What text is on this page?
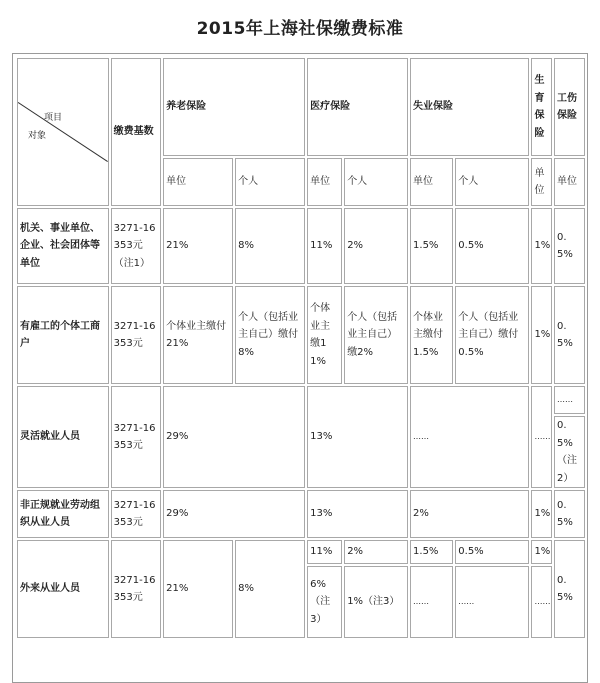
2015年上海社保缴费标准
项目
对象	缴费基数	养老保险		医疗保险		失业保险		生育保险	工伤保险
		单位	个人	单位	个人	单位	个人	单位	单位
机关、事业单位、企业、社会团体等单位	3271-16353元（注1）	21%	8%	11%	2%	1.5%	0.5%	1%	0.5%
有雇工的个体工商户	3271-16353元	个体业主缴付21%	个人（包括业主自己）缴付8%	个体业主缴11%	个人（包括业主自己）缴2%	个体业主缴付1.5%	个人（包括业主自己）缴付0.5%	1%	0.5%
灵活就业人员	3271-16353元	29%		13%		……		……	……
									0.5%（注2）
非正规就业劳动组织从业人员	3271-16353元	29%		13%		2%		1%	0.5%
外来从业人员	3271-16353元	21%	8%	11%	2%	1.5%	0.5%	1%	0.5%
				6%（注3）	1%（注3）	……	……	……	
